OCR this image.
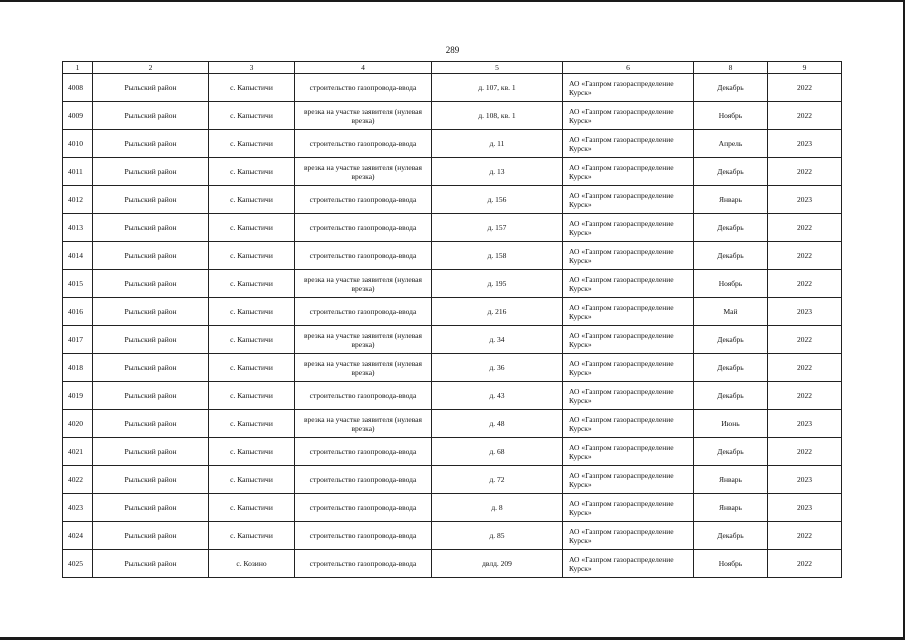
289
1	2	3	4	5	6	8	9
4008	Рыльский район	с. Капыстичи	строительство газопровода-ввода	д. 107, кв. 1	АО «Газпром газораспределение Курск»	Декабрь	2022
4009	Рыльский район	с. Капыстичи	врезка на участке заявителя (нулевая врезка)	д. 108, кв. 1	АО «Газпром газораспределение Курск»	Ноябрь	2022
4010	Рыльский район	с. Капыстичи	строительство газопровода-ввода	д. 11	АО «Газпром газораспределение Курск»	Апрель	2023
4011	Рыльский район	с. Капыстичи	врезка на участке заявителя (нулевая врезка)	д. 13	АО «Газпром газораспределение Курск»	Декабрь	2022
4012	Рыльский район	с. Капыстичи	строительство газопровода-ввода	д. 156	АО «Газпром газораспределение Курск»	Январь	2023
4013	Рыльский район	с. Капыстичи	строительство газопровода-ввода	д. 157	АО «Газпром газораспределение Курск»	Декабрь	2022
4014	Рыльский район	с. Капыстичи	строительство газопровода-ввода	д. 158	АО «Газпром газораспределение Курск»	Декабрь	2022
4015	Рыльский район	с. Капыстичи	врезка на участке заявителя (нулевая врезка)	д. 195	АО «Газпром газораспределение Курск»	Ноябрь	2022
4016	Рыльский район	с. Капыстичи	строительство газопровода-ввода	д. 216	АО «Газпром газораспределение Курск»	Май	2023
4017	Рыльский район	с. Капыстичи	врезка на участке заявителя (нулевая врезка)	д. 34	АО «Газпром газораспределение Курск»	Декабрь	2022
4018	Рыльский район	с. Капыстичи	врезка на участке заявителя (нулевая врезка)	д. 36	АО «Газпром газораспределение Курск»	Декабрь	2022
4019	Рыльский район	с. Капыстичи	строительство газопровода-ввода	д. 43	АО «Газпром газораспределение Курск»	Декабрь	2022
4020	Рыльский район	с. Капыстичи	врезка на участке заявителя (нулевая врезка)	д. 48	АО «Газпром газораспределение Курск»	Июнь	2023
4021	Рыльский район	с. Капыстичи	строительство газопровода-ввода	д. 68	АО «Газпром газораспределение Курск»	Декабрь	2022
4022	Рыльский район	с. Капыстичи	строительство газопровода-ввода	д. 72	АО «Газпром газораспределение Курск»	Январь	2023
4023	Рыльский район	с. Капыстичи	строительство газопровода-ввода	д. 8	АО «Газпром газораспределение Курск»	Январь	2023
4024	Рыльский район	с. Капыстичи	строительство газопровода-ввода	д. 85	АО «Газпром газораспределение Курск»	Декабрь	2022
4025	Рыльский район	с. Козино	строительство газопровода-ввода	двлд. 209	АО «Газпром газораспределение Курск»	Ноябрь	2022
